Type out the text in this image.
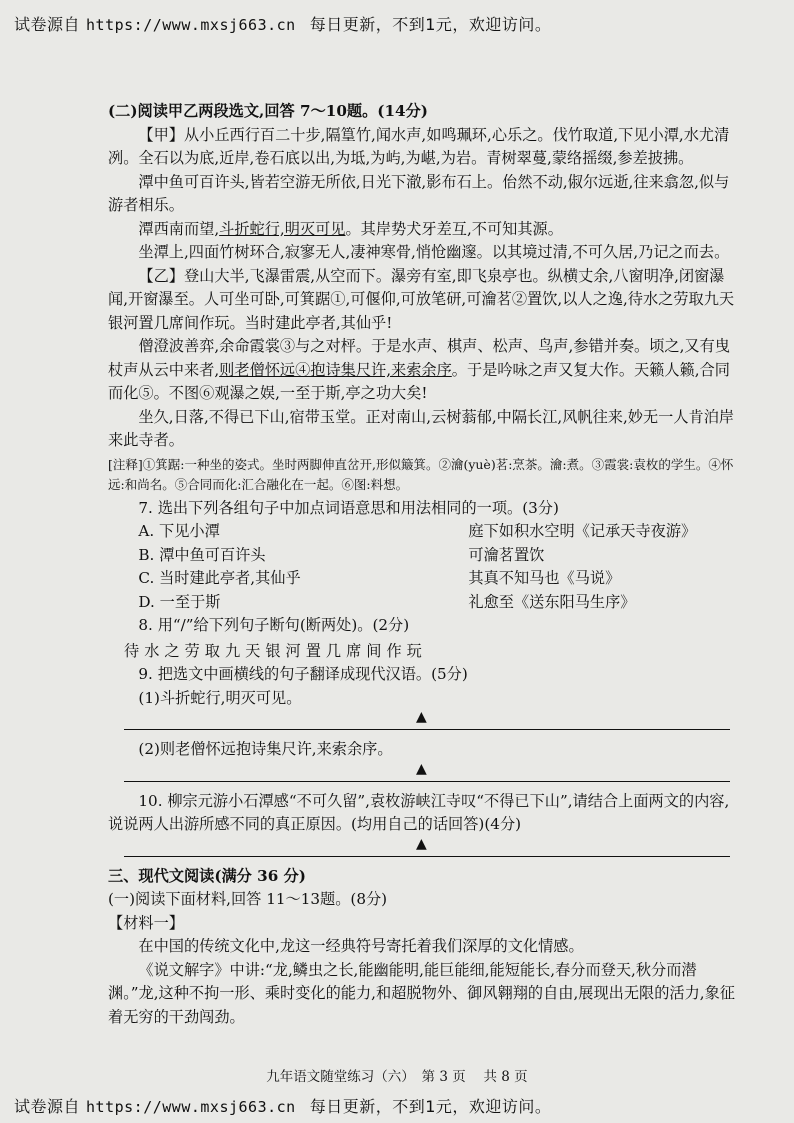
试卷源自 https://www.mxsj663.cn 每日更新，不到1元，欢迎访问。

(二)阅读甲乙两段选文,回答 7～10题。(14分)

【甲】从小丘西行百二十步,隔篁竹,闻水声,如鸣珮环,心乐之。伐竹取道,下见小潭,水尤清冽。全石以为底,近岸,卷石底以出,为坻,为屿,为嵁,为岩。青树翠蔓,蒙络摇缀,参差披拂。

潭中鱼可百许头,皆若空游无所依,日光下澈,影布石上。佁然不动,俶尔远逝,往来翕忽,似与游者相乐。

潭西南而望,斗折蛇行,明灭可见。其岸势犬牙差互,不可知其源。

坐潭上,四面竹树环合,寂寥无人,凄神寒骨,悄怆幽邃。以其境过清,不可久居,乃记之而去。

【乙】登山大半,飞瀑雷震,从空而下。瀑旁有室,即飞泉亭也。纵横丈余,八窗明净,闭窗瀑闻,开窗瀑至。人可坐可卧,可箕踞①,可偃仰,可放笔研,可瀹茗②置饮,以人之逸,待水之劳取九天银河置几席间作玩。当时建此亭者,其仙乎!

僧澄波善弈,余命霞裳③与之对枰。于是水声、棋声、松声、鸟声,参错并奏。顷之,又有曳杖声从云中来者,则老僧怀远④抱诗集尺许,来索余序。于是吟咏之声又复大作。天籁人籁,合同而化⑤。不图⑥观瀑之娱,一至于斯,亭之功大矣!

坐久,日落,不得已下山,宿带玉堂。正对南山,云树蓊郁,中隔长江,风帆往来,妙无一人肯泊岸来此寺者。

[注释]①箕踞:一种坐的姿式。坐时两脚伸直岔开,形似簸箕。②瀹(yuè)茗:烹茶。瀹:煮。③霞裳:袁枚的学生。④怀远:和尚名。⑤合同而化:汇合融化在一起。⑥图:料想。

7. 选出下列各组句子中加点词语意思和用法相同的一项。(3分)

A. 下见小潭	庭下如积水空明《记承天寺夜游》
B. 潭中鱼可百许头	可瀹茗置饮
C. 当时建此亭者,其仙乎	其真不知马也《马说》
D. 一至于斯	礼愈至《送东阳马生序》

8. 用“/”给下列句子断句(断两处)。(2分)

待水之劳取九天银河置几席间作玩

9. 把选文中画横线的句子翻译成现代汉语。(5分)

(1)斗折蛇行,明灭可见。

▲

(2)则老僧怀远抱诗集尺许,来索余序。

▲

10. 柳宗元游小石潭感“不可久留”,袁枚游峡江寺叹“不得已下山”,请结合上面两文的内容,说说两人出游所感不同的真正原因。(均用自己的话回答)(4分)

▲

三、现代文阅读(满分 36 分)

(一)阅读下面材料,回答 11～13题。(8分)

【材料一】

在中国的传统文化中,龙这一经典符号寄托着我们深厚的文化情感。

《说文解字》中讲:“龙,鳞虫之长,能幽能明,能巨能细,能短能长,春分而登天,秋分而潜渊。”龙,这种不拘一形、乘时变化的能力,和超脱物外、御风翱翔的自由,展现出无限的活力,象征着无穷的干劲闯劲。

九年语文随堂练习（六）　第 3 页　 共 8 页
试卷源自 https://www.mxsj663.cn 每日更新，不到1元，欢迎访问。
